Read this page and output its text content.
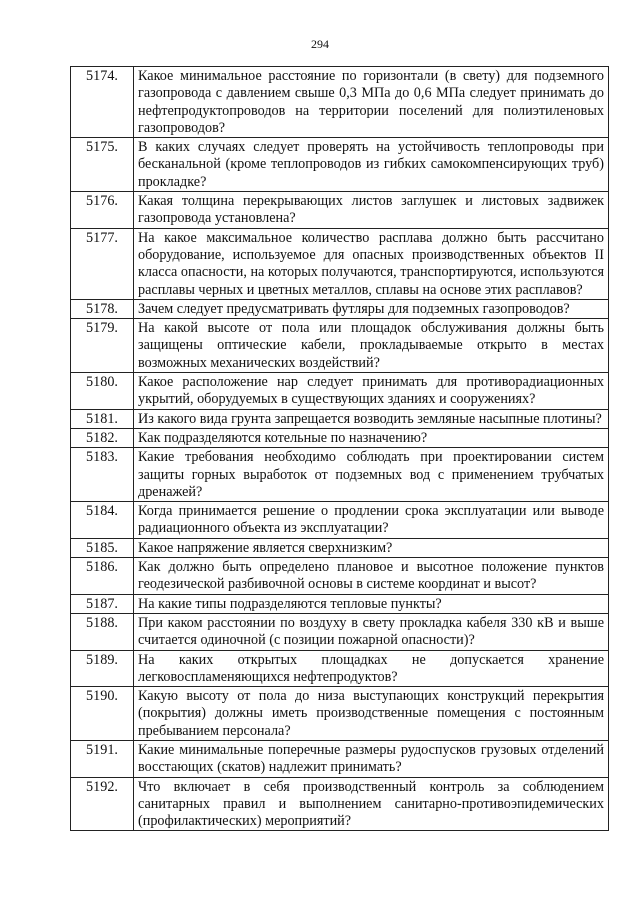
294
5174.	Какое минимальное расстояние по горизонтали (в свету) для подземного газопровода с давлением свыше 0,3 МПа до 0,6 МПа следует принимать до нефтепродуктопроводов на территории поселений для полиэтиленовых газопроводов?
5175.	В каких случаях следует проверять на устойчивость теплопроводы при бесканальной (кроме теплопроводов из гибких самокомпенсирующих труб) прокладке?
5176.	Какая толщина перекрывающих листов заглушек и листовых задвижек газопровода установлена?
5177.	На какое максимальное количество расплава должно быть рассчитано оборудование, используемое для опасных производственных объектов II класса опасности, на которых получаются, транспортируются, используются расплавы черных и цветных металлов, сплавы на основе этих расплавов?
5178.	Зачем следует предусматривать футляры для подземных газопроводов?
5179.	На какой высоте от пола или площадок обслуживания должны быть защищены оптические кабели, прокладываемые открыто в местах возможных механических воздействий?
5180.	Какое расположение нар следует принимать для противорадиационных укрытий, оборудуемых в существующих зданиях и сооружениях?
5181.	Из какого вида грунта запрещается возводить земляные насыпные плотины?
5182.	Как подразделяются котельные по назначению?
5183.	Какие требования необходимо соблюдать при проектировании систем защиты горных выработок от подземных вод с применением трубчатых дренажей?
5184.	Когда принимается решение о продлении срока эксплуатации или выводе радиационного объекта из эксплуатации?
5185.	Какое напряжение является сверхнизким?
5186.	Как должно быть определено плановое и высотное положение пунктов геодезической разбивочной основы в системе координат и высот?
5187.	На какие типы подразделяются тепловые пункты?
5188.	При каком расстоянии по воздуху в свету прокладка кабеля 330 кВ и выше считается одиночной (с позиции пожарной опасности)?
5189.	На каких открытых площадках не допускается хранение легковоспламеняющихся нефтепродуктов?
5190.	Какую высоту от пола до низа выступающих конструкций перекрытия (покрытия) должны иметь производственные помещения с постоянным пребыванием персонала?
5191.	Какие минимальные поперечные размеры рудоспусков грузовых отделений восстающих (скатов) надлежит принимать?
5192.	Что включает в себя производственный контроль за соблюдением санитарных правил и выполнением санитарно-противоэпидемических (профилактических) мероприятий?
